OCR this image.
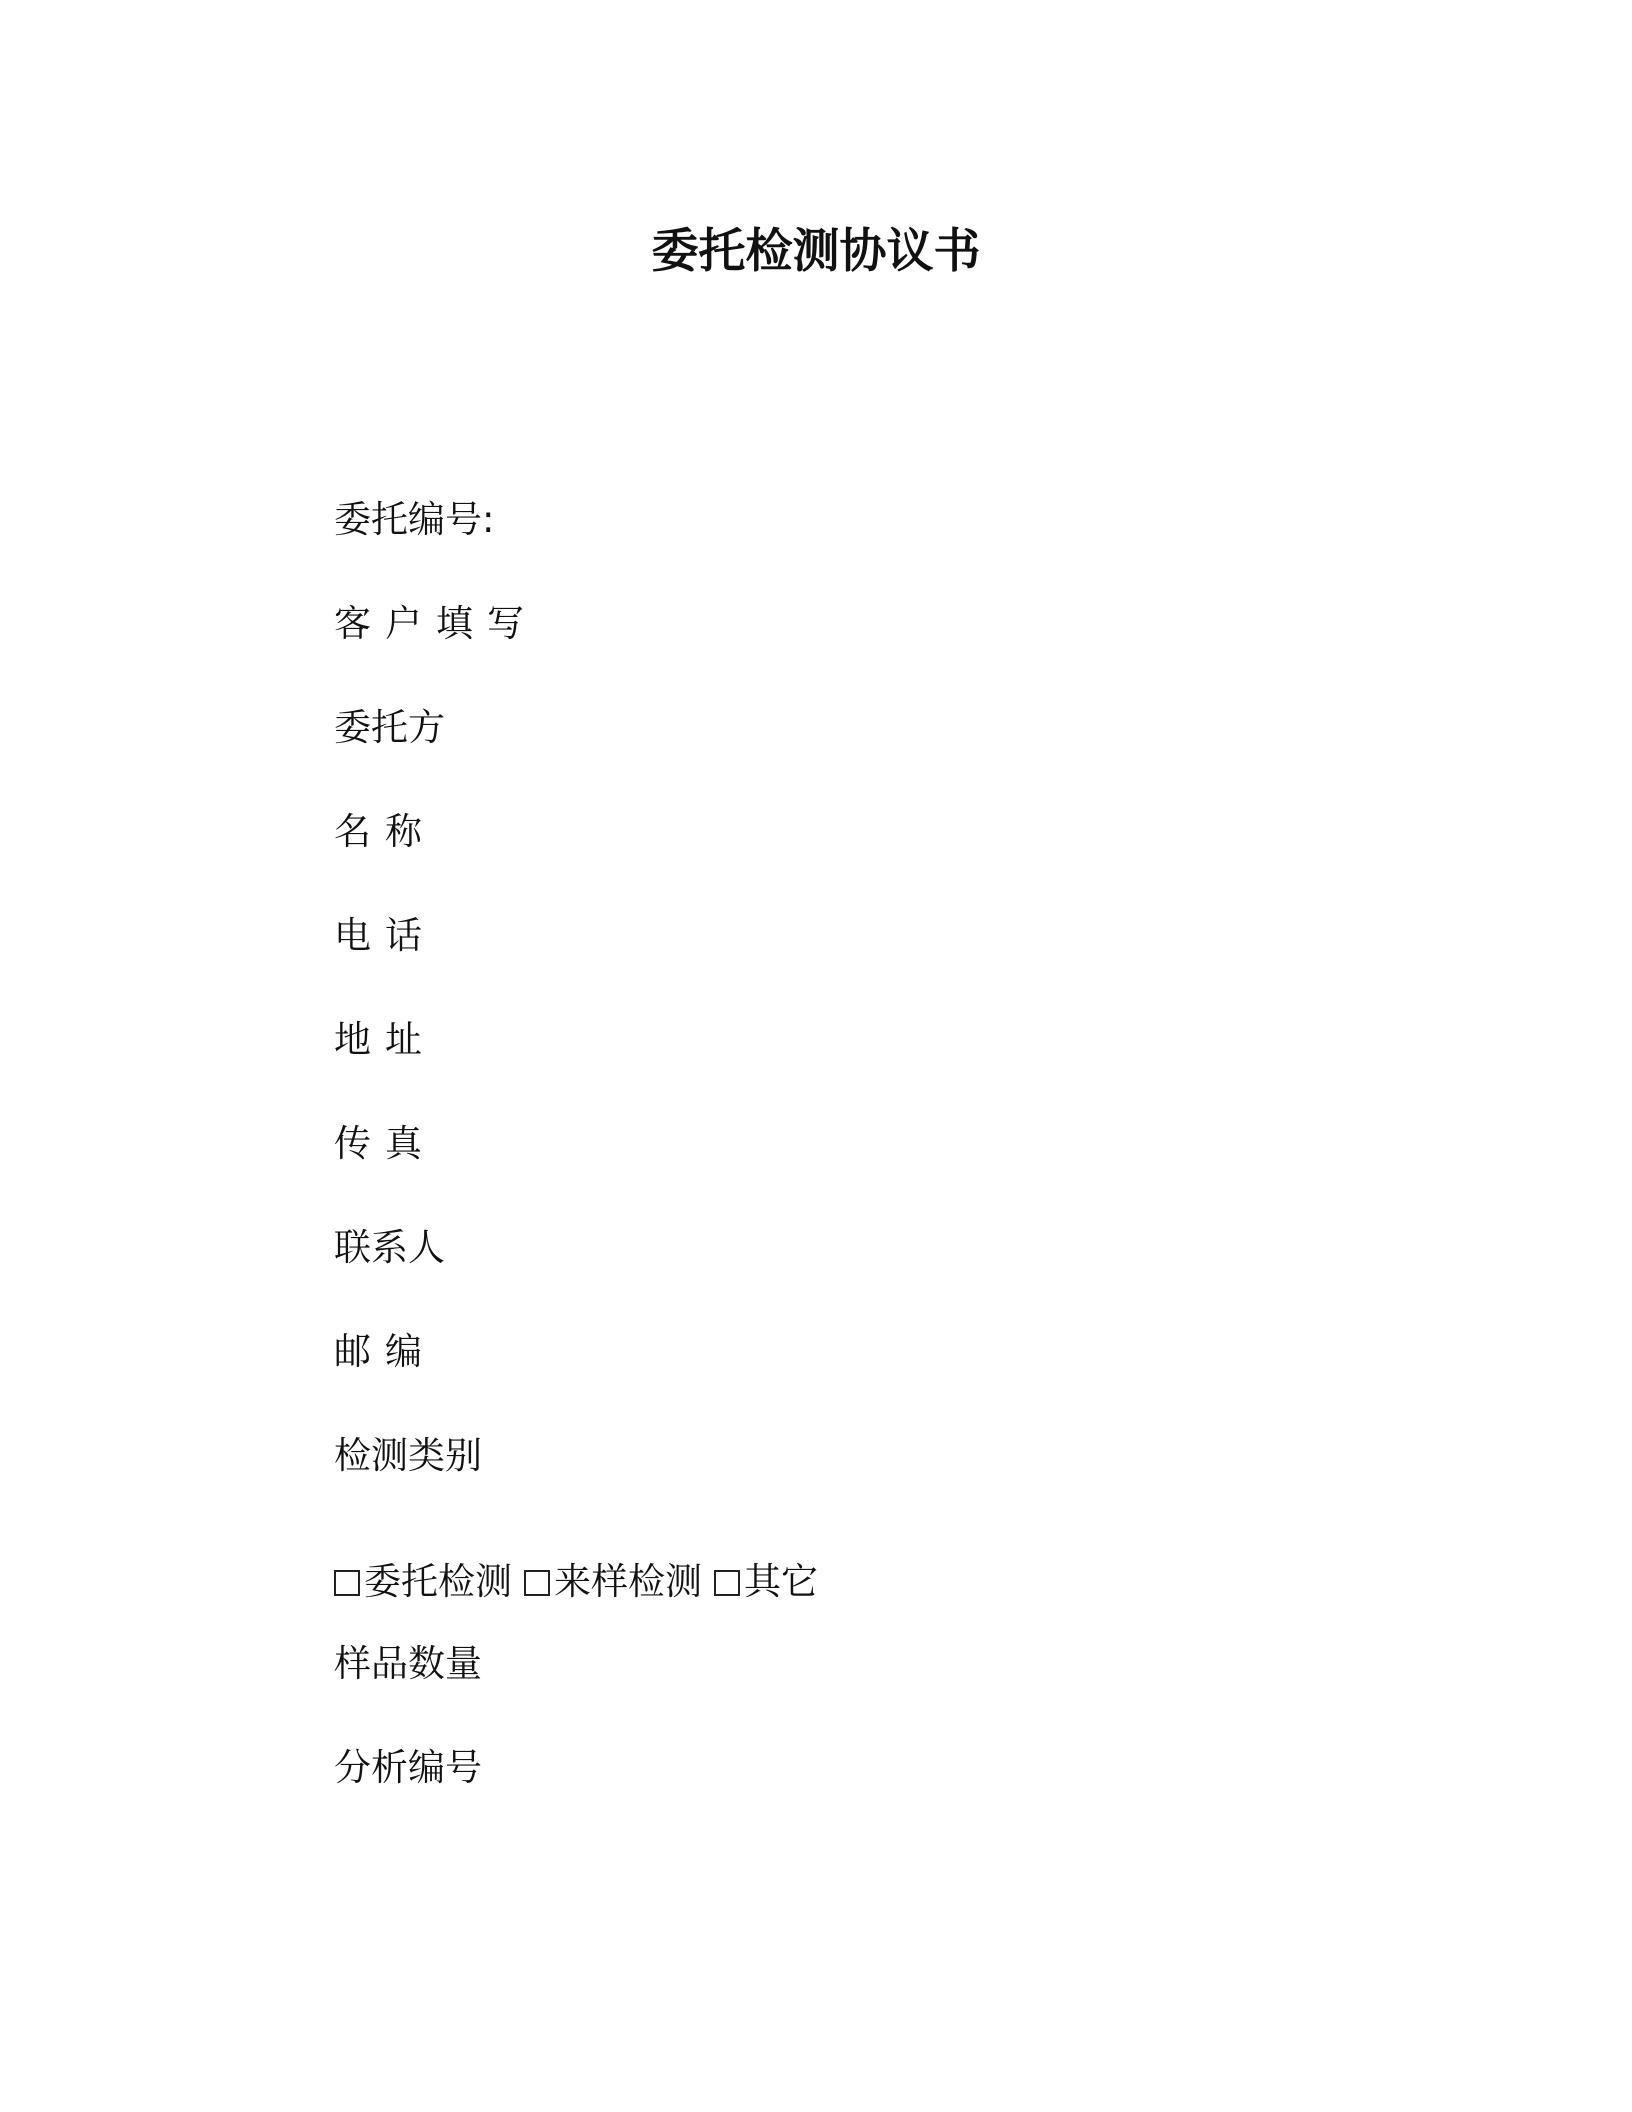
委托检测协议书
委托编号:
客户填写
委托方
名称
电话
地址
传真
联系人
邮编
检测类别
委托检测 来样检测 其它
样品数量
分析编号
